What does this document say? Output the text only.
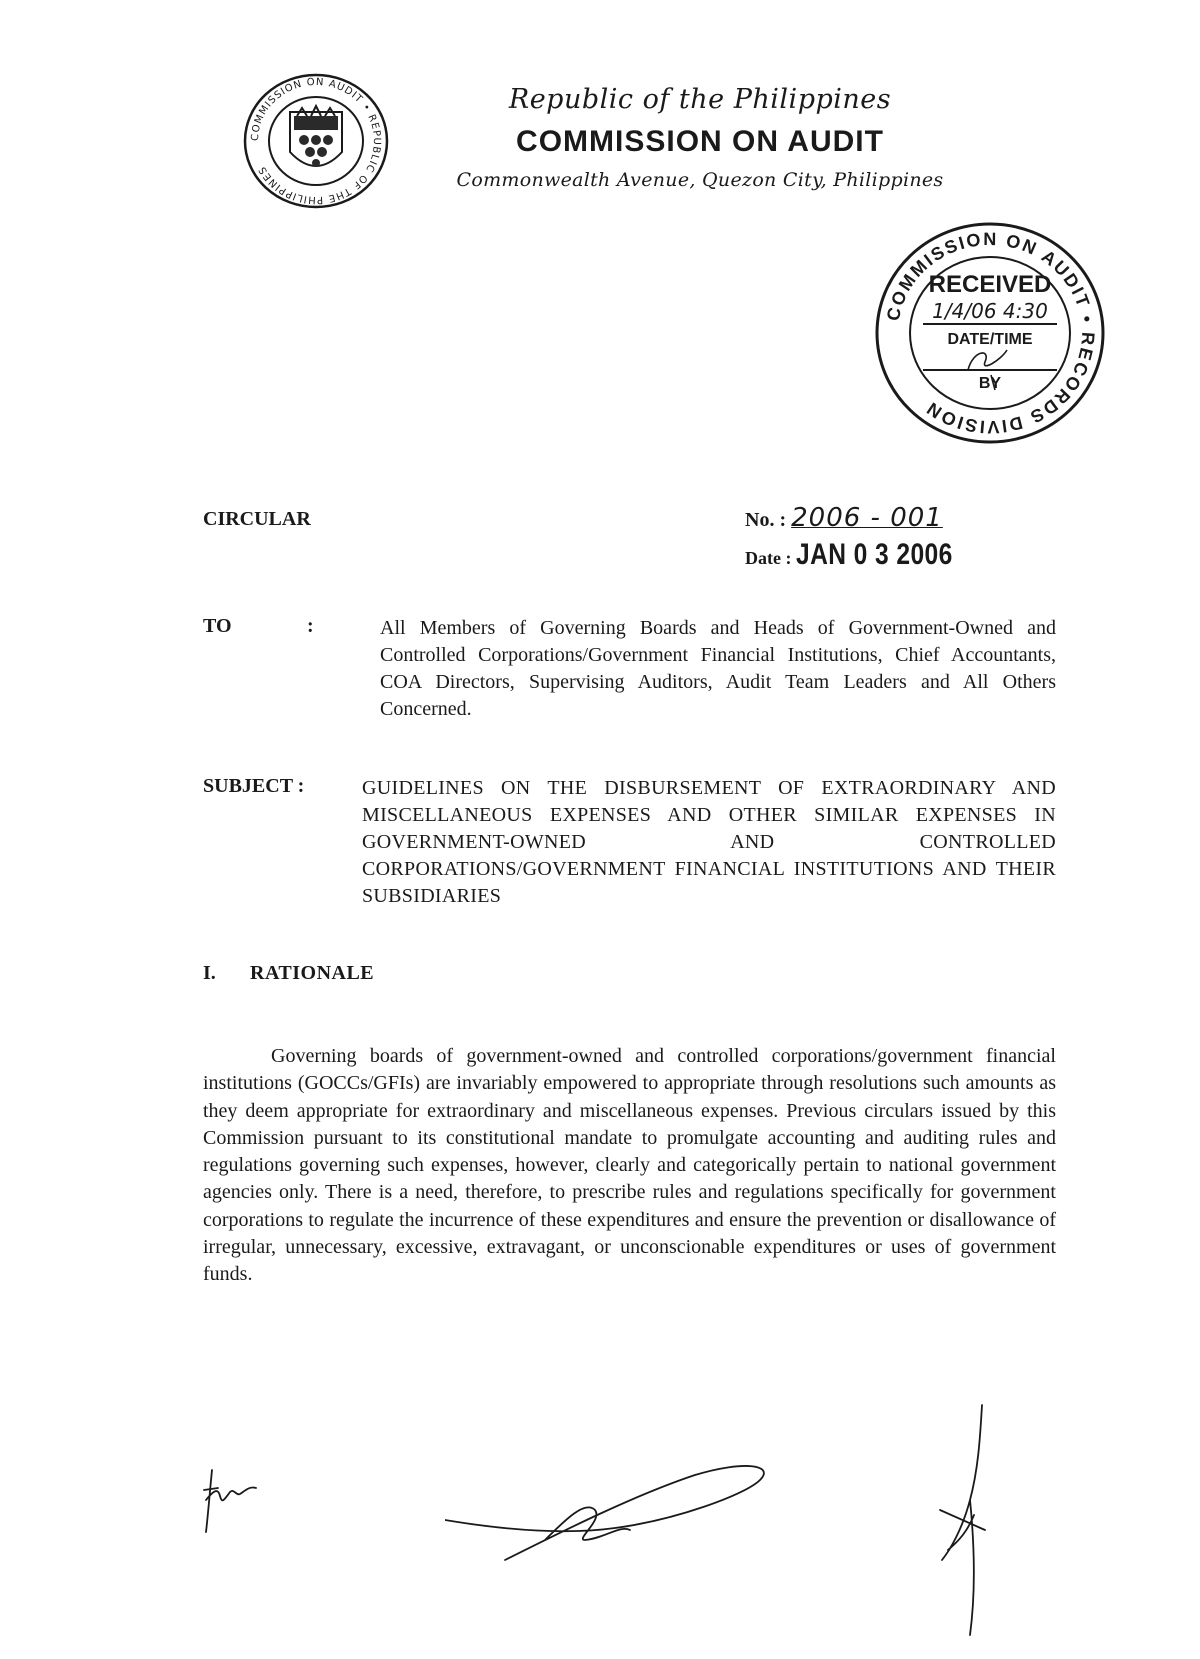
COMMISSION ON AUDIT • REPUBLIC OF THE PHILIPPINES
Republic of the Philippines
COMMISSION ON AUDIT
Commonwealth Avenue, Quezon City, Philippines
COMMISSION ON AUDIT • RECORDS DIVISION
RECEIVED
1/4/06 4:30
DATE/TIME
BY
CIRCULAR	No. : 2006 - 001
Date : JAN 0 3 2006
TO	:	All Members of Governing Boards and Heads of Government-Owned and Controlled Corporations/Government Financial Institutions, Chief Accountants, COA Directors, Supervising Auditors, Audit Team Leaders and All Others Concerned.
SUBJECT :	GUIDELINES ON THE DISBURSEMENT OF EXTRAORDINARY AND MISCELLANEOUS EXPENSES AND OTHER SIMILAR EXPENSES IN GOVERNMENT-OWNED AND CONTROLLED CORPORATIONS/GOVERNMENT FINANCIAL INSTITUTIONS AND THEIR SUBSIDIARIES
I. RATIONALE
Governing boards of government-owned and controlled corporations/government financial institutions (GOCCs/GFIs) are invariably empowered to appropriate through resolutions such amounts as they deem appropriate for extraordinary and miscellaneous expenses. Previous circulars issued by this Commission pursuant to its constitutional mandate to promulgate accounting and auditing rules and regulations governing such expenses, however, clearly and categorically pertain to national government agencies only. There is a need, therefore, to prescribe rules and regulations specifically for government corporations to regulate the incurrence of these expenditures and ensure the prevention or disallowance of irregular, unnecessary, excessive, extravagant, or unconscionable expenditures or uses of government funds.
